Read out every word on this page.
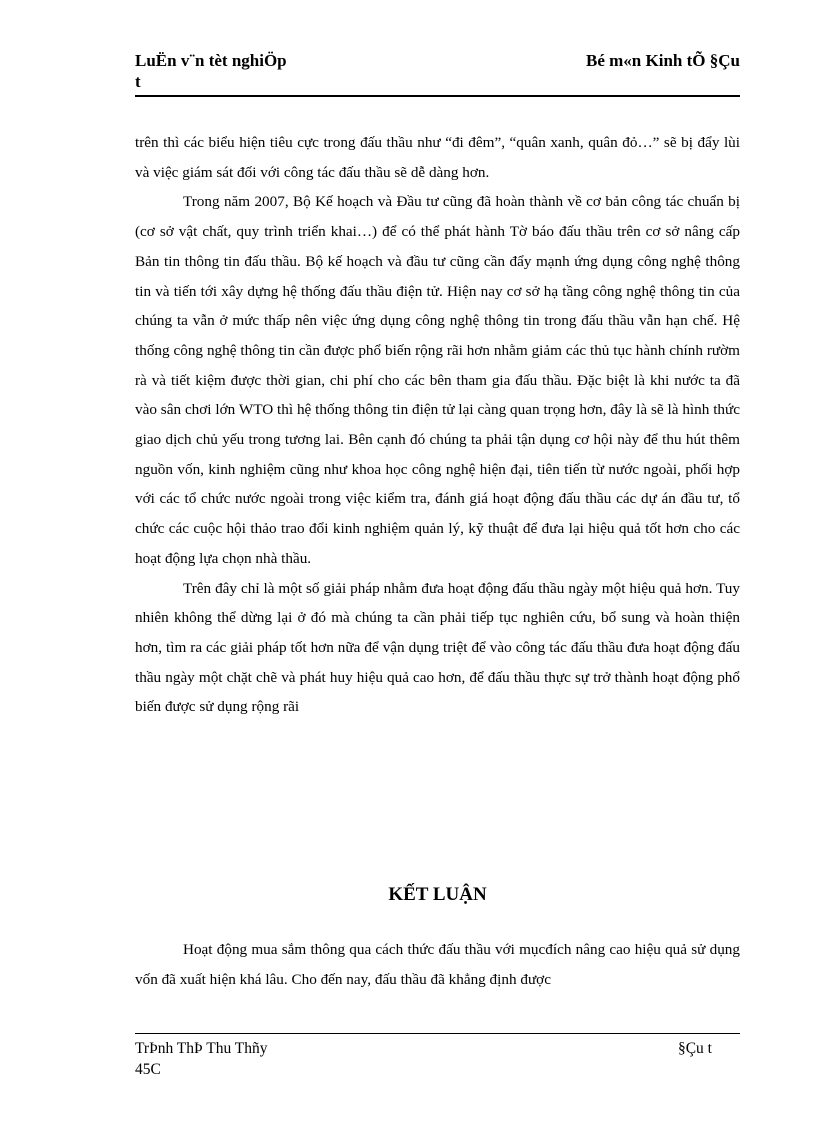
LuËn v¨n tèt nghiÖp
t
Bé m«n Kinh tÕ §Çu

trên thì các biểu hiện tiêu cực trong đấu thầu như “đi đêm”, “quân xanh, quân đỏ…” sẽ bị đẩy lùi và việc giám sát đối với công tác đấu thầu sẽ dễ dàng hơn.

Trong năm 2007, Bộ Kế hoạch và Đầu tư cũng đã hoàn thành về cơ bản công tác chuẩn bị (cơ sở vật chất, quy trình triển khai…) để có thể phát hành Tờ báo đấu thầu trên cơ sở nâng cấp Bản tin thông tin đấu thầu. Bộ kế hoạch và đầu tư cũng cần đẩy mạnh ứng dụng công nghệ thông tin và tiến tới xây dựng hệ thống đấu thầu điện tử. Hiện nay cơ sở hạ tầng công nghệ thông tin của chúng ta vẫn ở mức thấp nên việc ứng dụng công nghệ thông tin trong đấu thầu vẫn hạn chế. Hệ thống công nghệ thông tin cần được phổ biến rộng rãi hơn nhằm giảm các thủ tục hành chính rườm rà và tiết kiệm được thời gian, chi phí cho các bên tham gia đấu thầu. Đặc biệt là khi nước ta đã vào sân chơi lớn WTO thì hệ thống thông tin điện tử lại càng quan trọng hơn, đây là sẽ là hình thức giao dịch chủ yếu trong tương lai. Bên cạnh đó chúng ta phải tận dụng cơ hội này để thu hút thêm nguồn vốn, kinh nghiệm cũng như khoa học công nghệ hiện đại, tiên tiến từ nước ngoài, phối hợp với các tổ chức nước ngoài trong việc kiểm tra, đánh giá hoạt động đấu thầu các dự án đầu tư, tổ chức các cuộc hội thảo trao đổi kinh nghiệm quản lý, kỹ thuật để đưa lại hiệu quả tốt hơn cho các hoạt động lựa chọn nhà thầu.

Trên đây chỉ là một số giải pháp nhằm đưa hoạt động đấu thầu ngày một hiệu quả hơn. Tuy nhiên không thể dừng lại ở đó mà chúng ta cần phải tiếp tục nghiên cứu, bổ sung và hoàn thiện hơn, tìm ra các giải pháp tốt hơn nữa để vận dụng triệt để vào công tác đấu thầu đưa hoạt động đấu thầu ngày một chặt chẽ và phát huy hiệu quả cao hơn, để đấu thầu thực sự trở thành hoạt động phổ biến được sử dụng rộng rãi

KẾT LUẬN

Hoạt động mua sắm thông qua cách thức đấu thầu với mụcđích nâng cao hiệu quả sử dụng vốn đã xuất hiện khá lâu. Cho đến nay, đấu thầu đã khẳng định được

TrÞnh ThÞ Thu Thñy
45C
§Çu t
